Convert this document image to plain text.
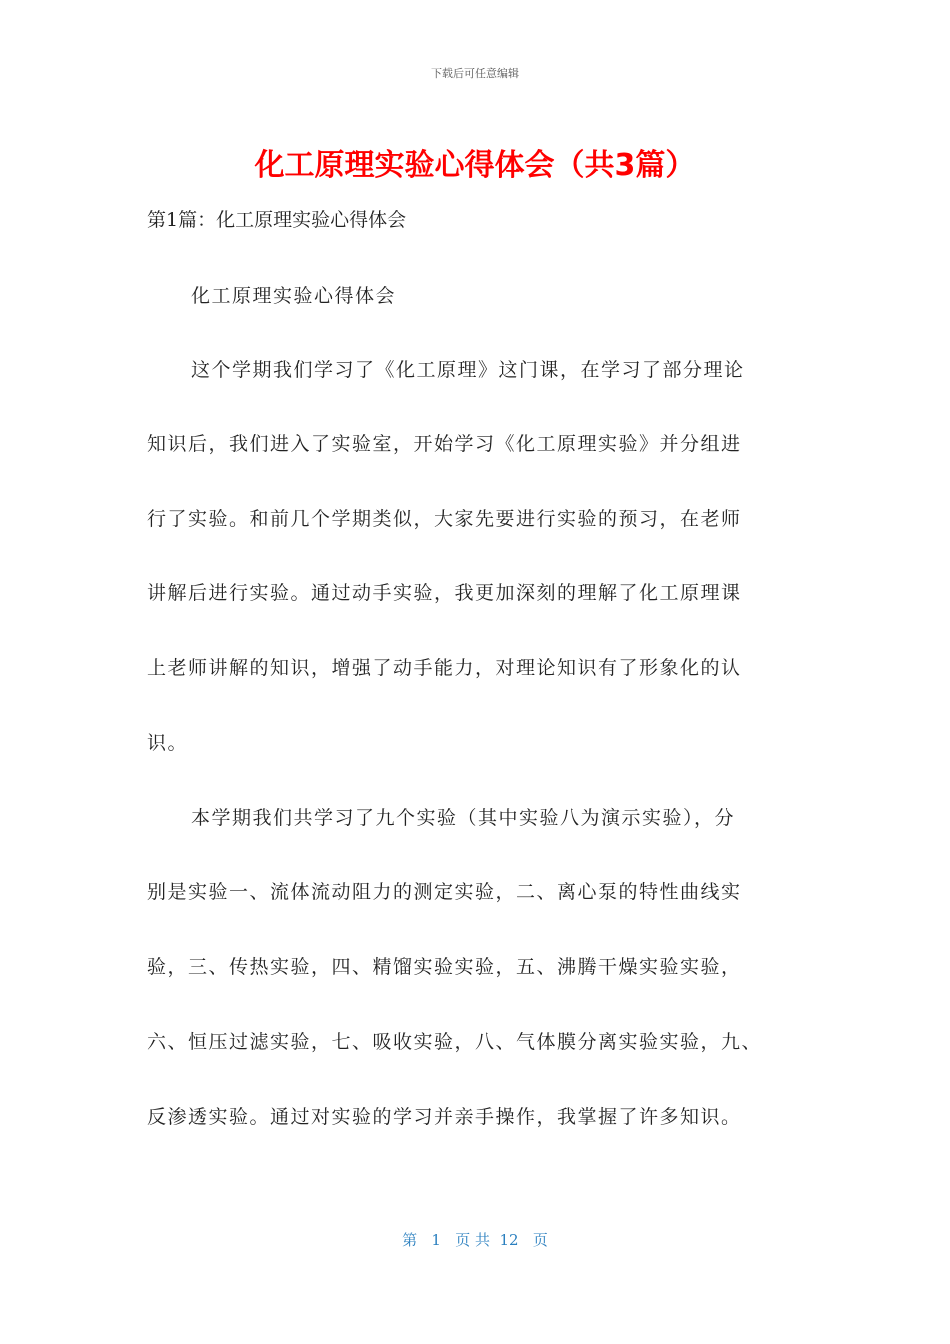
下载后可任意编辑
化工原理实验心得体会（共3篇）
第1篇：化工原理实验心得体会
化工原理实验心得体会
这个学期我们学习了《化工原理》这门课，在学习了部分理论
知识后，我们进入了实验室，开始学习《化工原理实验》并分组进
行了实验。和前几个学期类似，大家先要进行实验的预习，在老师
讲解后进行实验。通过动手实验，我更加深刻的理解了化工原理课
上老师讲解的知识，增强了动手能力，对理论知识有了形象化的认
识。
本学期我们共学习了九个实验（其中实验八为演示实验），分
别是实验一、流体流动阻力的测定实验，二、离心泵的特性曲线实
验，三、传热实验，四、精馏实验实验，五、沸腾干燥实验实验，
六、恒压过滤实验，七、吸收实验，八、气体膜分离实验实验，九、
反渗透实验。通过对实验的学习并亲手操作，我掌握了许多知识。
第   1   页 共  12   页
